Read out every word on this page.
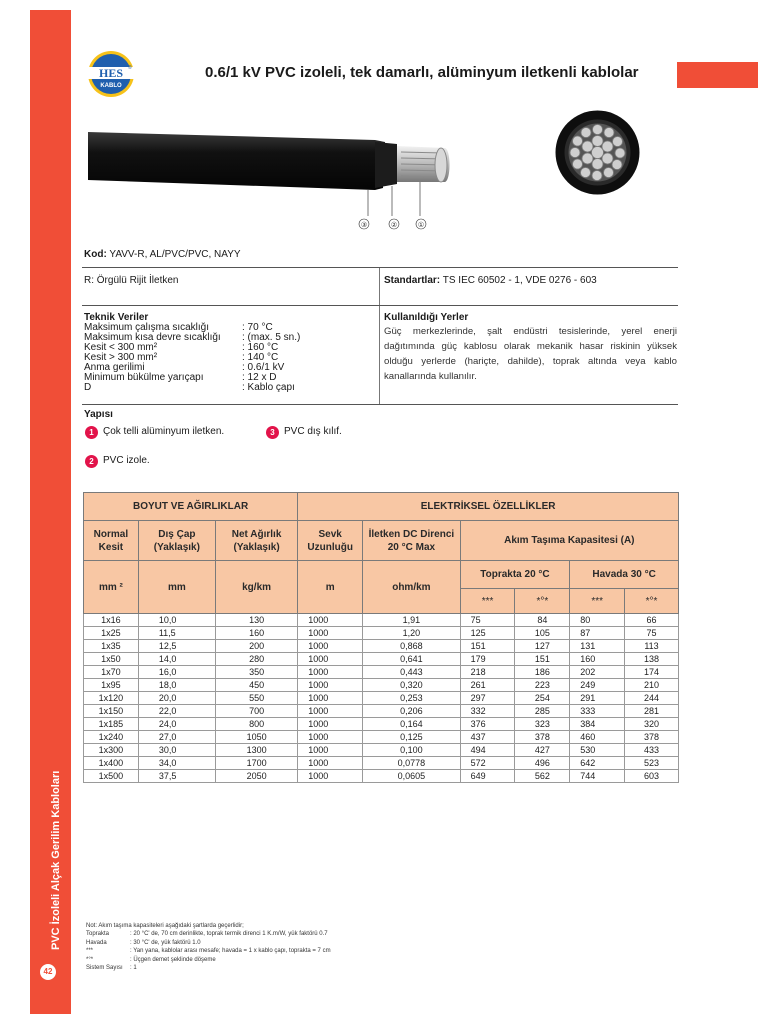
PVC İzoleli Alçak Gerilim Kabloları
42
HES
KABLO
®	0.6/1 kV PVC izoleli, tek damarlı, alüminyum iletkenli kablolar
③	②	①
Kod: YAVV-R, AL/PVC/PVC, NAYY
R: Örgülü Rijit İletken	Standartlar: TS IEC 60502 - 1, VDE 0276 - 603
Teknik Veriler
Maksimum çalışma sıcaklığı	: 70 °C
Maksimum kısa devre sıcaklığı	: (max. 5 sn.)
Kesit < 300 mm²	: 160 °C
Kesit > 300 mm²	: 140 °C
Anma gerilimi	: 0.6/1 kV
Minimum bükülme yarıçapı	: 12 x D
D	: Kablo çapı
Kullanıldığı Yerler
Güç merkezlerinde, şalt endüstri tesislerinde, yerel enerji dağıtımında güç kablosu olarak mekanik hasar riskinin yüksek olduğu yerlerde (hariçte, dahilde), toprak altında veya kablo kanallarında kullanılır.
Yapısı
1 Çok telli alüminyum iletken.	3 PVC dış kılıf.
2 PVC izole.
BOYUT VE AĞIRLIKLAR			ELEKTRİKSEL ÖZELLİKLER					
Normal Kesit	Dış Çap (Yaklaşık)	Net Ağırlık (Yaklaşık)	Sevk Uzunluğu	İletken DC Direnci 20 °C Max	Akım Taşıma Kapasitesi (A)			
mm ²	mm	kg/km	m	ohm/km	Toprakta 20 °C		Havada 30 °C	
					***	*°*	***	*°*
1x16	10,0	130	1000	1,91	75	84	80	66
1x25	11,5	160	1000	1,20	125	105	87	75
1x35	12,5	200	1000	0,868	151	127	131	113
1x50	14,0	280	1000	0,641	179	151	160	138
1x70	16,0	350	1000	0,443	218	186	202	174
1x95	18,0	450	1000	0,320	261	223	249	210
1x120	20,0	550	1000	0,253	297	254	291	244
1x150	22,0	700	1000	0,206	332	285	333	281
1x185	24,0	800	1000	0,164	376	323	384	320
1x240	27,0	1050	1000	0,125	437	378	460	378
1x300	30,0	1300	1000	0,100	494	427	530	433
1x400	34,0	1700	1000	0,0778	572	496	642	523
1x500	37,5	2050	1000	0,0605	649	562	744	603
Not: Akım taşıma kapasiteleri aşağıdaki şartlarda geçerlidir;
Toprakta	: 20 °C' de, 70 cm derinlikte, toprak termik direnci 1 K.m/W, yük faktörü 0.7
Havada	: 30 °C' de, yük faktörü 1.0
***	: Yan yana, kablolar arası mesafe; havada = 1 x kablo çapı, toprakta = 7 cm
*°*	: Üçgen demet şeklinde döşeme
Sistem Sayısı	: 1
